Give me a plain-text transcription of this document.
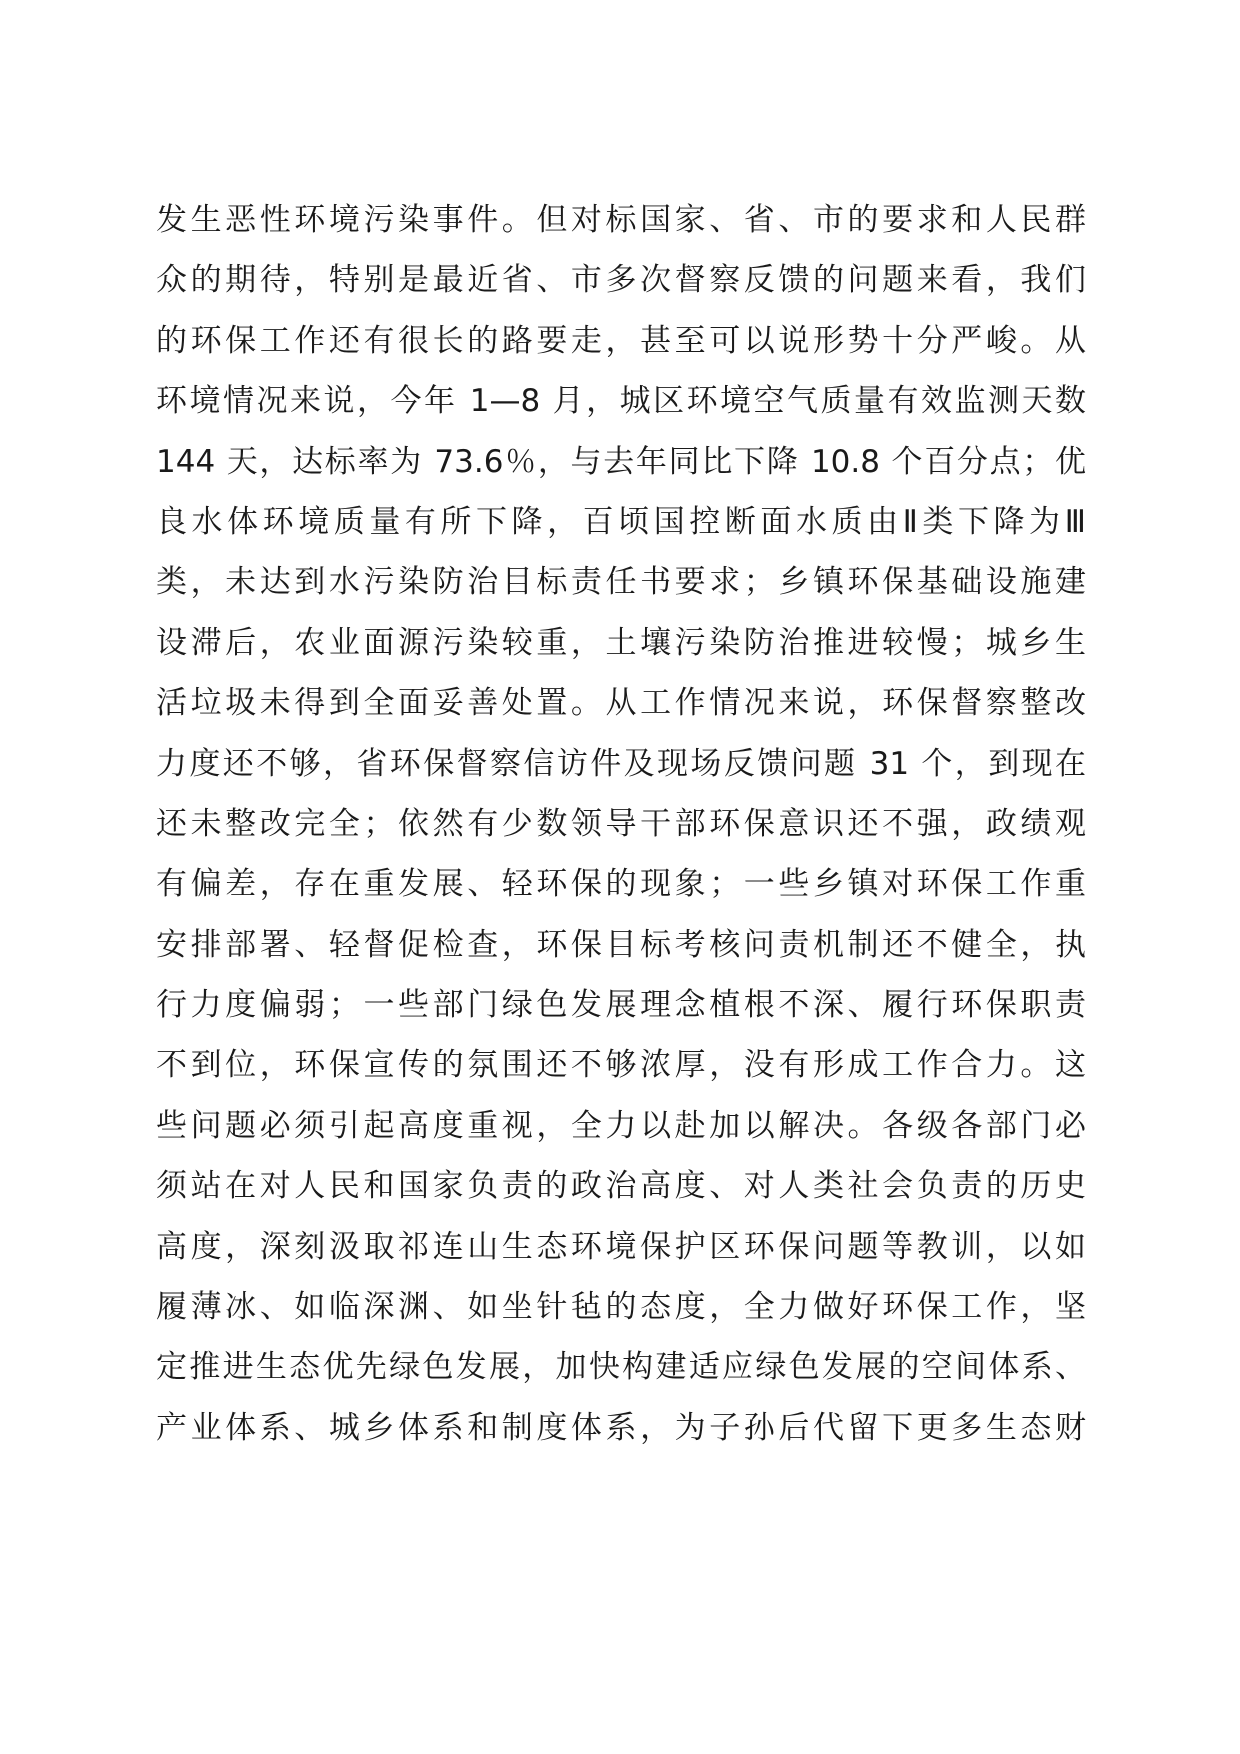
发生恶性环境污染事件。但对标国家、省、市的要求和人民群
众的期待，特别是最近省、市多次督察反馈的问题来看，我们
的环保工作还有很长的路要走，甚至可以说形势十分严峻。从
环境情况来说，今年 1—8 月，城区环境空气质量有效监测天数
144 天，达标率为 73.6％，与去年同比下降 10.8 个百分点；优
良水体环境质量有所下降，百顷国控断面水质由Ⅱ类下降为Ⅲ
类，未达到水污染防治目标责任书要求；乡镇环保基础设施建
设滞后，农业面源污染较重，土壤污染防治推进较慢；城乡生
活垃圾未得到全面妥善处置。从工作情况来说，环保督察整改
力度还不够，省环保督察信访件及现场反馈问题 31 个，到现在
还未整改完全；依然有少数领导干部环保意识还不强，政绩观
有偏差，存在重发展、轻环保的现象；一些乡镇对环保工作重
安排部署、轻督促检查，环保目标考核问责机制还不健全，执
行力度偏弱；一些部门绿色发展理念植根不深、履行环保职责
不到位，环保宣传的氛围还不够浓厚，没有形成工作合力。这
些问题必须引起高度重视，全力以赴加以解决。各级各部门必
须站在对人民和国家负责的政治高度、对人类社会负责的历史
高度，深刻汲取祁连山生态环境保护区环保问题等教训，以如
履薄冰、如临深渊、如坐针毡的态度，全力做好环保工作，坚
定推进生态优先绿色发展，加快构建适应绿色发展的空间体系、
产业体系、城乡体系和制度体系，为子孙后代留下更多生态财
